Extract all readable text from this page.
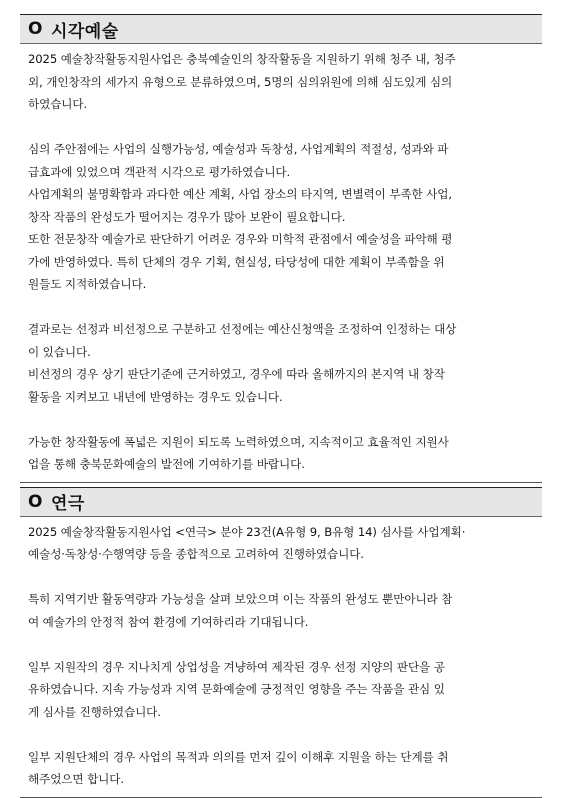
O 시각예술
2025 예술창작활동지원사업은 충북예술인의 창작활동을 지원하기 위해 청주 내, 청주
외, 개인창작의 세가지 유형으로 분류하였으며, 5명의 심의위원에 의해 심도있게 심의
하였습니다.
심의 주안점에는 사업의 실행가능성, 예술성과 독창성, 사업계획의 적절성, 성과와 파
급효과에 있었으며 객관적 시각으로 평가하였습니다.
사업계획의 불명확함과 과다한 예산 계획, 사업 장소의 타지역, 변별력이 부족한 사업,
창작 작품의 완성도가 떨어지는 경우가 많아 보완이 필요합니다.
또한 전문창작 예술가로 판단하기 어려운 경우와 미학적 관점에서 예술성을 파악해 평
가에 반영하였다. 특히 단체의 경우 기획, 현실성, 타당성에 대한 계획이 부족함을 위
원들도 지적하였습니다.
결과로는 선정과 비선정으로 구분하고 선정에는 예산신청액을 조정하여 인정하는 대상
이 있습니다.
비선정의 경우 상기 판단기준에 근거하였고, 경우에 따라 올해까지의 본지역 내 창작
활동을 지켜보고 내년에 반영하는 경우도 있습니다.
가능한 창작활동에 폭넓은 지원이 되도록 노력하였으며, 지속적이고 효율적인 지원사
업을 통해 충북문화예술의 발전에 기여하기를 바랍니다.
O 연극
2025 예술창작활동지원사업 <연극> 분야 23건(A유형 9, B유형 14) 심사를 사업계획·
예술성·독창성·수행역량 등을 종합적으로 고려하여 진행하였습니다.
특히 지역기반 활동역량과 가능성을 살펴 보았으며 이는 작품의 완성도 뿐만아니라 참
여 예술가의 안정적 참여 환경에 기여하리라 기대됩니다.
일부 지원작의 경우 지나치게 상업성을 겨냥하여 제작된 경우 선정 지양의 판단을 공
유하였습니다. 지속 가능성과 지역 문화예술에 긍정적인 영향을 주는 작품을 관심 있
게 심사를 진행하였습니다.
일부 지원단체의 경우 사업의 목적과 의의를 먼저 깊이 이해후 지원을 하는 단계를 취
해주었으면 합니다.
